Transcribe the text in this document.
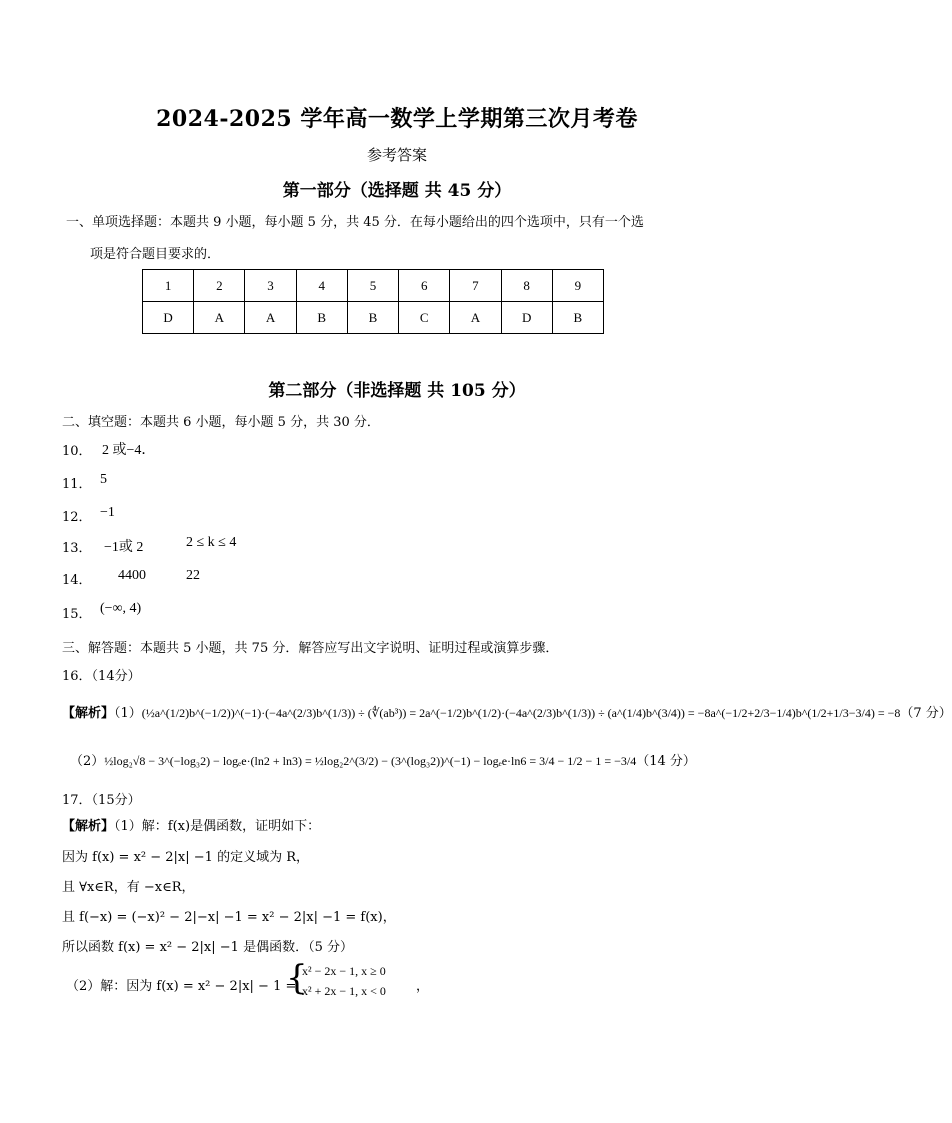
2024-2025 学年高一数学上学期第三次月考卷
参考答案
第一部分（选择题 共 45 分）
一、单项选择题：本题共 9 小题，每小题 5 分，共 45 分．在每小题给出的四个选项中，只有一个选
项是符合题目要求的．
1	2	3	4	5	6	7	8	9
D	A	A	B	B	C	A	D	B
第二部分（非选择题 共 105 分）
二、填空题：本题共 6 小题，每小题 5 分，共 30 分．
10． 2 或−4．
11． 5
12． −1
13． −1或 2	2 ≤ k ≤ 4
14． 4400	22
15． (−∞, 4)
三、解答题：本题共 5 小题，共 75 分．解答应写出文字说明、证明过程或演算步骤．
16．（14分）
【解析】（1）(½a^(1/2)b^(−1/2))^(−1)·(−4a^(2/3)b^(1/3)) ÷ (∜(ab³)) = 2a^(−1/2)b^(1/2)·(−4a^(2/3)b^(1/3)) ÷ (a^(1/4)b^(3/4)) = −8a^(−1/2+2/3−1/4)b^(1/2+1/3−3/4) = −8（7 分）
（2）½log₂√8 − 3^(−log₃2) − logₑe·(ln2 + ln3) = ½log₂2^(3/2) − (3^(log₃2))^(−1) − logₑe·ln6 = 3/4 − 1/2 − 1 = −3/4（14 分）
17．（15分）
【解析】（1）解：f(x)是偶函数，证明如下：
因为 f(x) = x² − 2|x| −1 的定义域为 R，
且 ∀x∈R，有 −x∈R，
且 f(−x) = (−x)² − 2|−x| −1 = x² − 2|x| −1 = f(x)，
所以函数 f(x) = x² − 2|x| −1 是偶函数．（5 分）
（2）解：因为 f(x) = x² − 2|x| − 1 =
{
x² − 2x − 1, x ≥ 0
x² + 2x − 1, x < 0 ，
